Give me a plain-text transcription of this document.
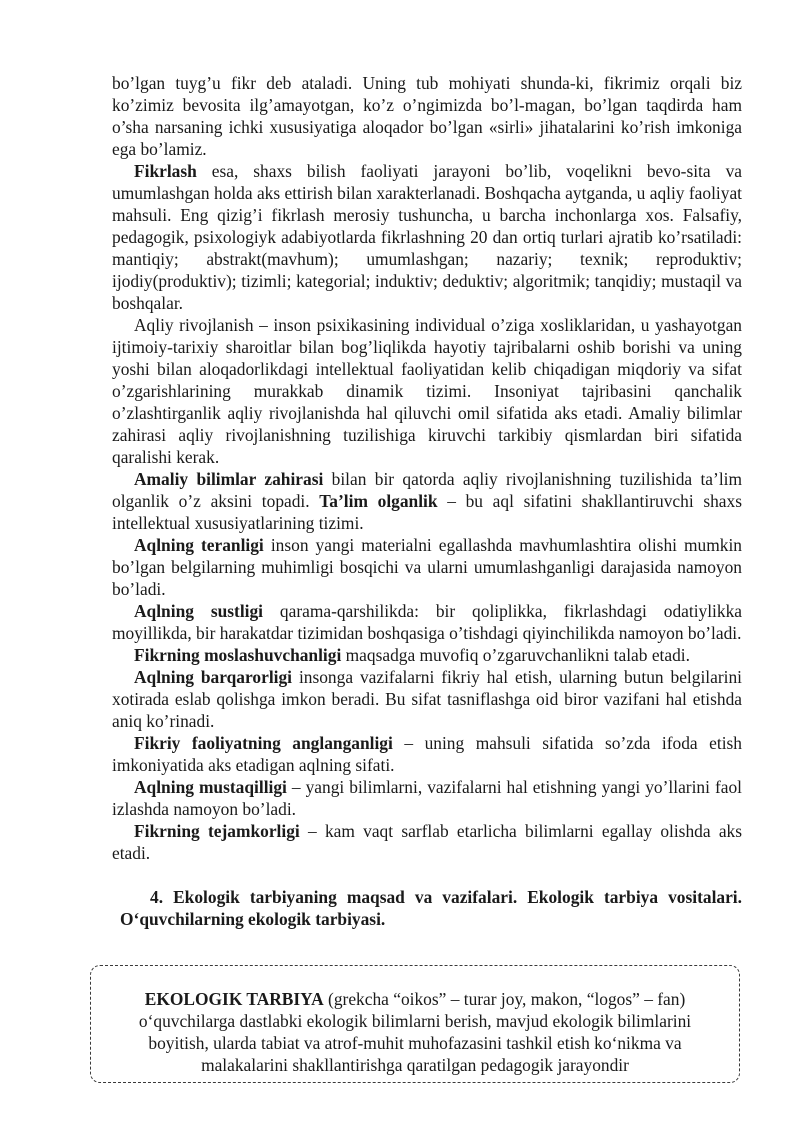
bo’lgan tuyg’u fikr deb ataladi. Uning tub mohiyati shunda-ki, fikrimiz orqali biz ko’zimiz bevosita ilg’amayotgan, ko’z o’ngimizda bo’l-magan, bo’lgan taqdirda ham o’sha narsaning ichki xususiyatiga aloqador bo’lgan «sirli» jihatalarini ko’rish imkoniga ega bo’lamiz.

Fikrlash esa, shaxs bilish faoliyati jarayoni bo’lib, voqelikni bevo-sita va umumlashgan holda aks ettirish bilan xarakterlanadi. Boshqacha aytganda, u aqliy faoliyat mahsuli. Eng qizig’i fikrlash merosiy tushuncha, u barcha inchonlarga xos. Falsafiy, pedagogik, psixologiyk adabiyotlarda fikrlashning 20 dan ortiq turlari ajratib ko’rsatiladi: mantiqiy; abstrakt(mavhum); umumlashgan; nazariy; texnik; reproduktiv; ijodiy(produktiv); tizimli; kategorial; induktiv; deduktiv; algoritmik; tanqidiy; mustaqil va boshqalar.

Aqliy rivojlanish – inson psixikasining individual o’ziga xosliklaridan, u yashayotgan ijtimoiy-tarixiy sharoitlar bilan bog’liqlikda hayotiy tajribalarni oshib borishi va uning yoshi bilan aloqadorlikdagi intellektual faoliyatidan kelib chiqadigan miqdoriy va sifat o’zgarishlarining murakkab dinamik tizimi. Insoniyat tajribasini qanchalik o’zlashtirganlik aqliy rivojlanishda hal qiluvchi omil sifatida aks etadi. Amaliy bilimlar zahirasi aqliy rivojlanishning tuzilishiga kiruvchi tarkibiy qismlardan biri sifatida qaralishi kerak.

Amaliy bilimlar zahirasi bilan bir qatorda aqliy rivojlanishning tuzilishida ta’lim olganlik o’z aksini topadi. Ta’lim olganlik – bu aql sifatini shakllantiruvchi shaxs intellektual xususiyatlarining tizimi.

Aqlning teranligi inson yangi materialni egallashda mavhumlashtira olishi mumkin bo’lgan belgilarning muhimligi bosqichi va ularni umumlashganligi darajasida namoyon bo’ladi.

Aqlning sustligi qarama-qarshilikda: bir qoliplikka, fikrlashdagi odatiylikka moyillikda, bir harakatdar tizimidan boshqasiga o’tishdagi qiyinchilikda namoyon bo’ladi.

Fikrning moslashuvchanligi maqsadga muvofiq o’zgaruvchanlikni talab etadi.

Aqlning barqarorligi insonga vazifalarni fikriy hal etish, ularning butun belgilarini xotirada eslab qolishga imkon beradi. Bu sifat tasniflashga oid biror vazifani hal etishda aniq ko’rinadi.

Fikriy faoliyatning anglanganligi – uning mahsuli sifatida so’zda ifoda etish imkoniyatida aks etadigan aqlning sifati.

Aqlning mustaqilligi – yangi bilimlarni, vazifalarni hal etishning yangi yo’llarini faol izlashda namoyon bo’ladi.

Fikrning tejamkorligi – kam vaqt sarflab etarlicha bilimlarni egallay olishda aks etadi.

4. Ekologik tarbiyaning maqsad va vazifalari. Ekologik tarbiya vositalari. O‘quvchilarning ekologik tarbiyasi.

EKOLOGIK TARBIYA (grekcha “oikos” – turar joy, makon, “logos” – fan) o‘quvchilarga dastlabki ekologik bilimlarni berish, mavjud ekologik bilimlarini boyitish, ularda tabiat va atrof-muhit muhofazasini tashkil etish ko‘nikma va malakalarini shakllantirishga qaratilgan pedagogik jarayondir
